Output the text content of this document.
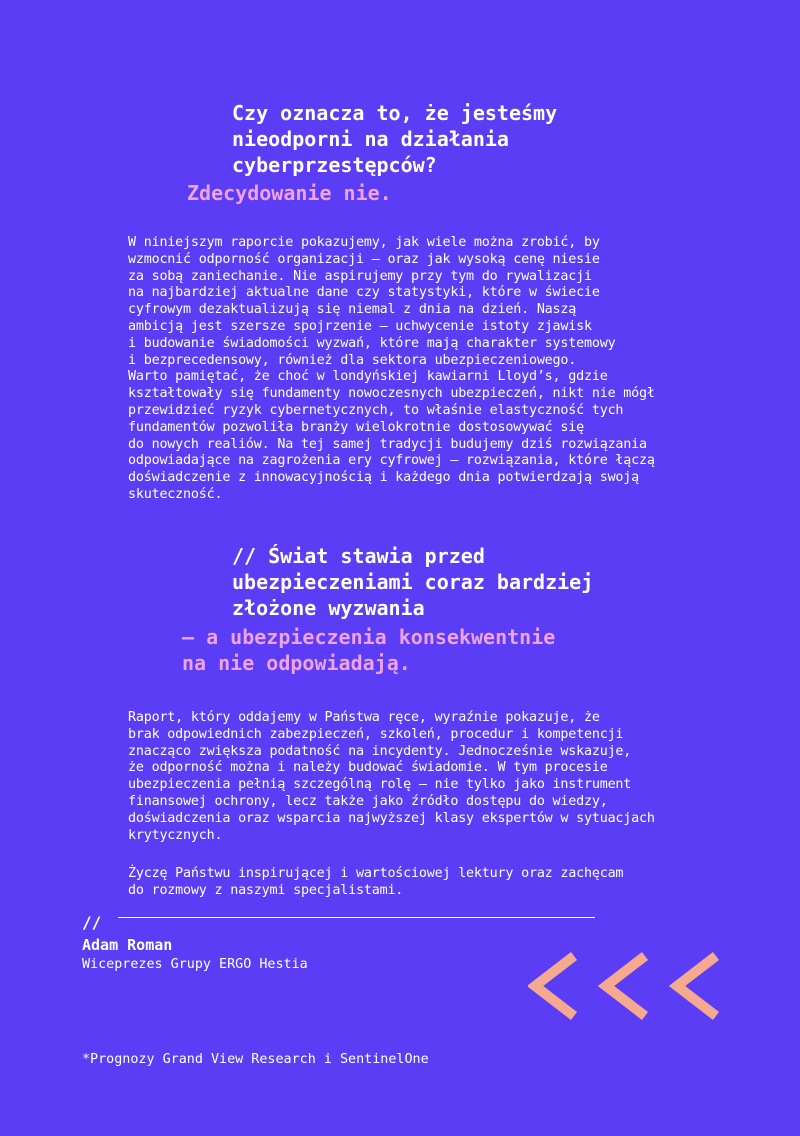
Czy oznacza to, że jesteśmy
nieodporni na działania
cyberprzestępców?
Zdecydowanie nie.

W niniejszym raporcie pokazujemy, jak wiele można zrobić, by
wzmocnić odporność organizacji – oraz jak wysoką cenę niesie
za sobą zaniechanie. Nie aspirujemy przy tym do rywalizacji
na najbardziej aktualne dane czy statystyki, które w świecie
cyfrowym dezaktualizują się niemal z dnia na dzień. Naszą
ambicją jest szersze spojrzenie – uchwycenie istoty zjawisk
i budowanie świadomości wyzwań, które mają charakter systemowy
i bezprecedensowy, również dla sektora ubezpieczeniowego.
Warto pamiętać, że choć w londyńskiej kawiarni Lloyd’s, gdzie
kształtowały się fundamenty nowoczesnych ubezpieczeń, nikt nie mógł
przewidzieć ryzyk cybernetycznych, to właśnie elastyczność tych
fundamentów pozwoliła branży wielokrotnie dostosowywać się
do nowych realiów. Na tej samej tradycji budujemy dziś rozwiązania
odpowiadające na zagrożenia ery cyfrowej – rozwiązania, które łączą
doświadczenie z innowacyjnością i każdego dnia potwierdzają swoją
skuteczność.

// Świat stawia przed
ubezpieczeniami coraz bardziej
złożone wyzwania
– a ubezpieczenia konsekwentnie
na nie odpowiadają.

Raport, który oddajemy w Państwa ręce, wyraźnie pokazuje, że
brak odpowiednich zabezpieczeń, szkoleń, procedur i kompetencji
znacząco zwiększa podatność na incydenty. Jednocześnie wskazuje,
że odporność można i należy budować świadomie. W tym procesie
ubezpieczenia pełnią szczególną rolę – nie tylko jako instrument
finansowej ochrony, lecz także jako źródło dostępu do wiedzy,
doświadczenia oraz wsparcia najwyższej klasy ekspertów w sytuacjach
krytycznych.

Życzę Państwu inspirującej i wartościowej lektury oraz zachęcam
do rozmowy z naszymi specjalistami.

//
Adam Roman
Wiceprezes Grupy ERGO Hestia
*Prognozy Grand View Research i SentinelOne
